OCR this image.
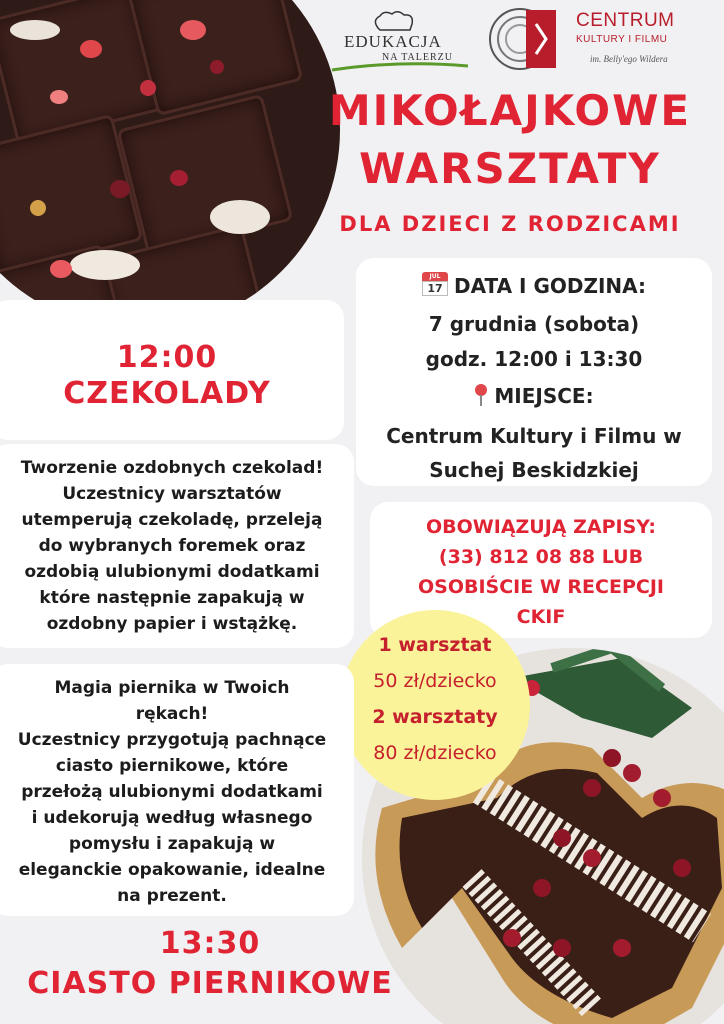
EDUKACJA
NA TALERZU
CENTRUM
KULTURY I FILMU
im. Belly'ego Wildera
MIKOŁAJKOWE
WARSZTATY
DLA DZIECI Z RODZICAMI
JUL
17 DATA I GODZINA:
7 grudnia (sobota)
godz. 12:00 i 13:30
MIEJSCE:
Centrum Kultury i Filmu w
Suchej Beskidzkiej
OBOWIĄZUJĄ ZAPISY:
(33) 812 08 88 LUB
OSOBIŚCIE W RECEPCJI
CKIF
1 warsztat
50 zł/dziecko
2 warsztaty
80 zł/dziecko
12:00
CZEKOLADY
Tworzenie ozdobnych czekolad!
Uczestnicy warsztatów
utemperują czekoladę, przeleją
do wybranych foremek oraz
ozdobią ulubionymi dodatkami
które następnie zapakują w
ozdobny papier i wstążkę.
Magia piernika w Twoich
rękach!
Uczestnicy przygotują pachnące
ciasto piernikowe, które
przełożą ulubionymi dodatkami
i udekorują według własnego
pomysłu i zapakują w
eleganckie opakowanie, idealne
na prezent.
13:30
CIASTO PIERNIKOWE
